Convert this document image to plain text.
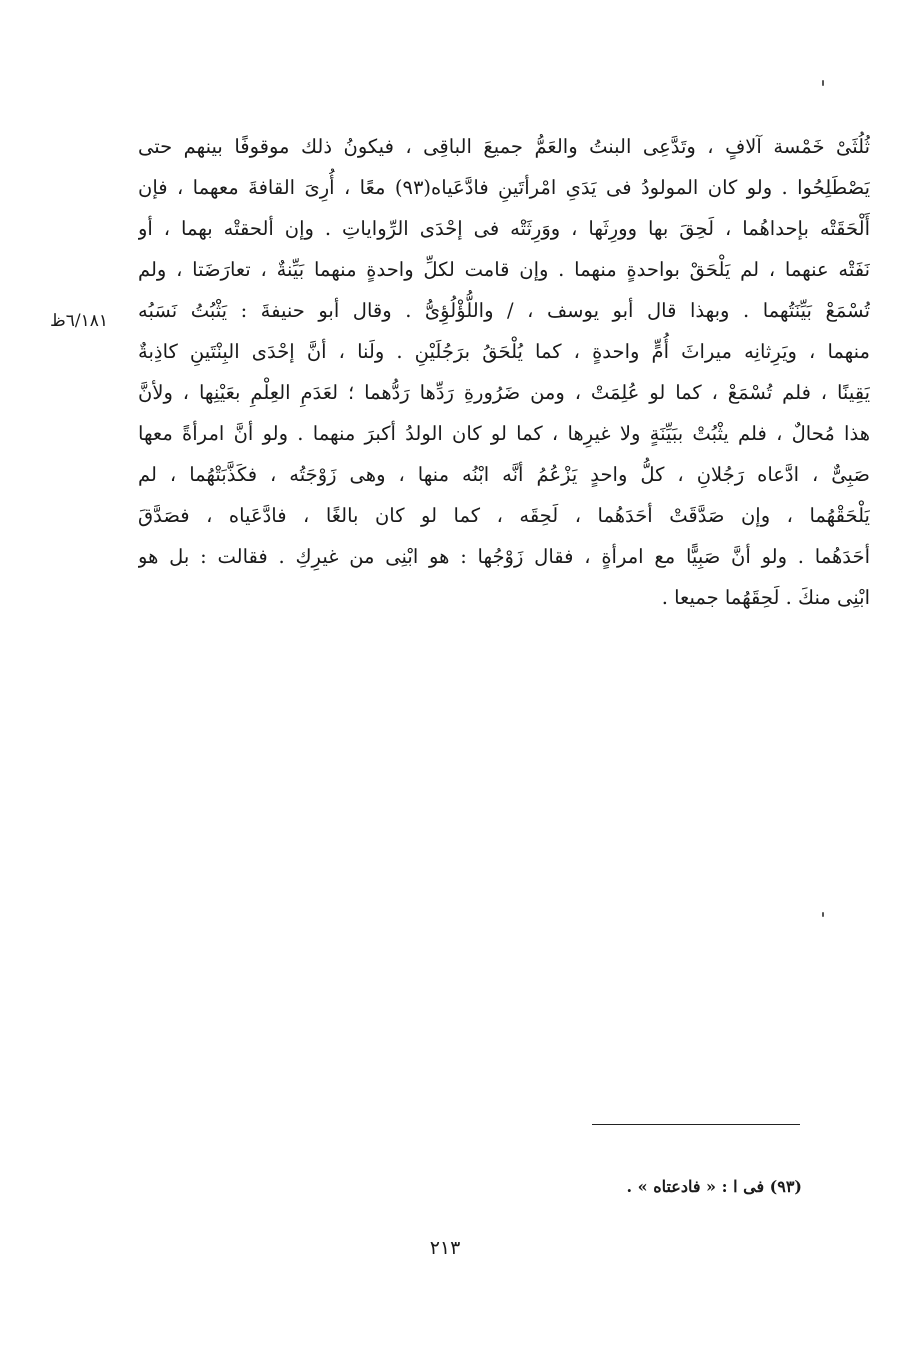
ثُلُثَىْ خَمْسة آلافٍ ، وتَدَّعِى البنتُ والعَمُّ جميعَ الباقِى ، فيكونُ ذلك موقوفًا بينهم حتى
يَصْطَلِحُوا . ولو كان المولودُ فى يَدَىِ امْرأتَينِ فادَّعَياه(٩٣) معًا ، أُرِىَ القافةَ معهما ، فإن
أَلْحَقَتْه بإحداهُما ، لَحِقَ بها وورِثَها ، ووَرِثَتْه فى إحْدَى الرِّواياتِ . وإن ألحقتْه بهما ، أو
نَفَتْه عنهما ، لم يَلْحَقْ بواحدةٍ منهما . وإن قامت لكلِّ واحدةٍ منهما بَيِّنةٌ ، تعارَضَتا ، ولم
تُسْمَعْ بَيِّنَتُهما . وبهذا قال أبو يوسف ، / واللُّؤْلُؤِىُّ . وقال أبو حنيفةَ : يَثْبُتُ نَسَبُه
منهما ، ويَرِثانِه ميراثَ أُمٍّ واحدةٍ ، كما يُلْحَقُ برَجُلَيْنِ . ولَنا ، أنَّ إحْدَى البِنْتَينِ كاذِبةٌ
يَقِينًا ، فلم تُسْمَعْ ، كما لو عُلِمَتْ ، ومن ضَرُورةِ رَدِّها رَدُّهما ؛ لعَدَمِ العِلْمِ بعَيْنِها ، ولأنَّ
هذا مُحالٌ ، فلم يثْبُتْ ببَيِّنَةٍ ولا غيرِها ، كما لو كان الولدُ أكبرَ منهما . ولو أنَّ امرأةً معها
صَبِىٌّ ، ادَّعاه رَجُلانِ ، كلُّ واحدٍ يَزْعُمُ أنَّه ابْنُه منها ، وهى زَوْجَتُه ، فكَذَّبَتْهُما ، لم
يَلْحَقْهُما ، وإن صَدَّقَتْ أحَدَهُما ، لَحِقَه ، كما لو كان بالغًا ، فادَّعَياه ، فصَدَّقَ
أحَدَهُما . ولو أنَّ صَبِيًّا مع امرأةٍ ، فقال زَوْجُها : هو ابْنِى من غيرِكِ . فقالت : بل هو
ابْنِى منكَ . لَحِقَهُما جميعا .
٦/١٨١ظ
(٩٣) فى ا : « فادعتاه » .
٢١٣
